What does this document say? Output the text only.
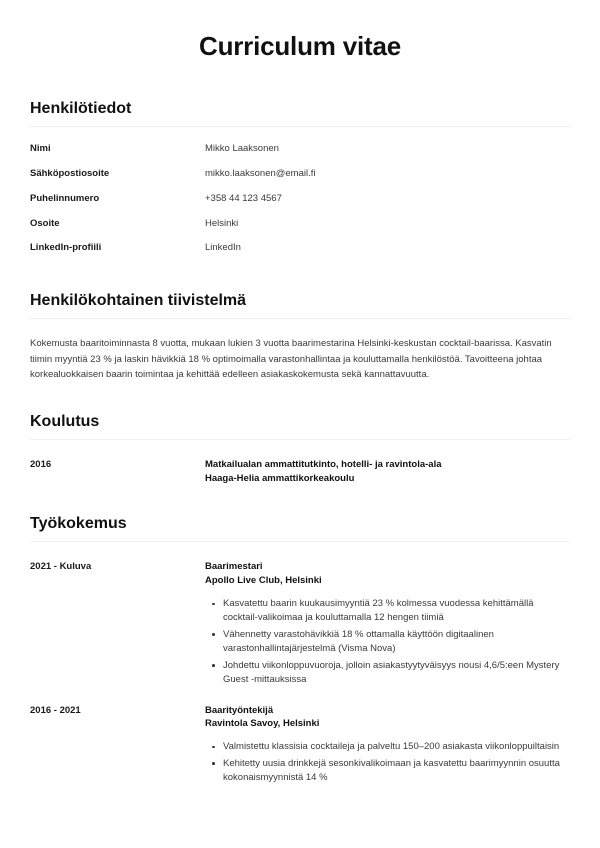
Curriculum vitae
Henkilötiedot
Nimi	Mikko Laaksonen
Sähköpostiosoite	mikko.laaksonen@email.fi
Puhelinnumero	+358 44 123 4567
Osoite	Helsinki
LinkedIn-profiili	LinkedIn
Henkilökohtainen tiivistelmä

Kokemusta baaritoiminnasta 8 vuotta, mukaan lukien 3 vuotta baarimestarina Helsinki-keskustan cocktail-baarissa. Kasvatin tiimin myyntiä 23 % ja laskin hävikkiä 18 % optimoimalla varastonhallintaa ja kouluttamalla henkilöstöä. Tavoitteena johtaa korkealuokkaisen baarin toimintaa ja kehittää edelleen asiakaskokemusta sekä kannattavuutta.

Koulutus
2016	Matkailualan ammattitutkinto, hotelli- ja ravintola-ala
Haaga-Helia ammattikorkeakoulu
Työkokemus
2021 - Kuluva	Baarimestari
Apollo Live Club, Helsinki
Kasvatettu baarin kuukausimyyntiä 23 % kolmessa vuodessa kehittämällä cocktail-valikoimaa ja kouluttamalla 12 hengen tiimiä
Vähennetty varastohävikkiä 18 % ottamalla käyttöön digitaalinen varastonhallintajärjestelmä (Visma Nova)
Johdettu viikonloppuvuoroja, jolloin asiakastyytyväisyys nousi 4,6/5:een Mystery Guest -mittauksissa
2016 - 2021	Baarityöntekijä
Ravintola Savoy, Helsinki
Valmistettu klassisia cocktaileja ja palveltu 150–200 asiakasta viikonloppuiltaisin
Kehitetty uusia drinkkejä sesonkivalikoimaan ja kasvatettu baarimyynnin osuutta kokonaismyynnistä 14 %
